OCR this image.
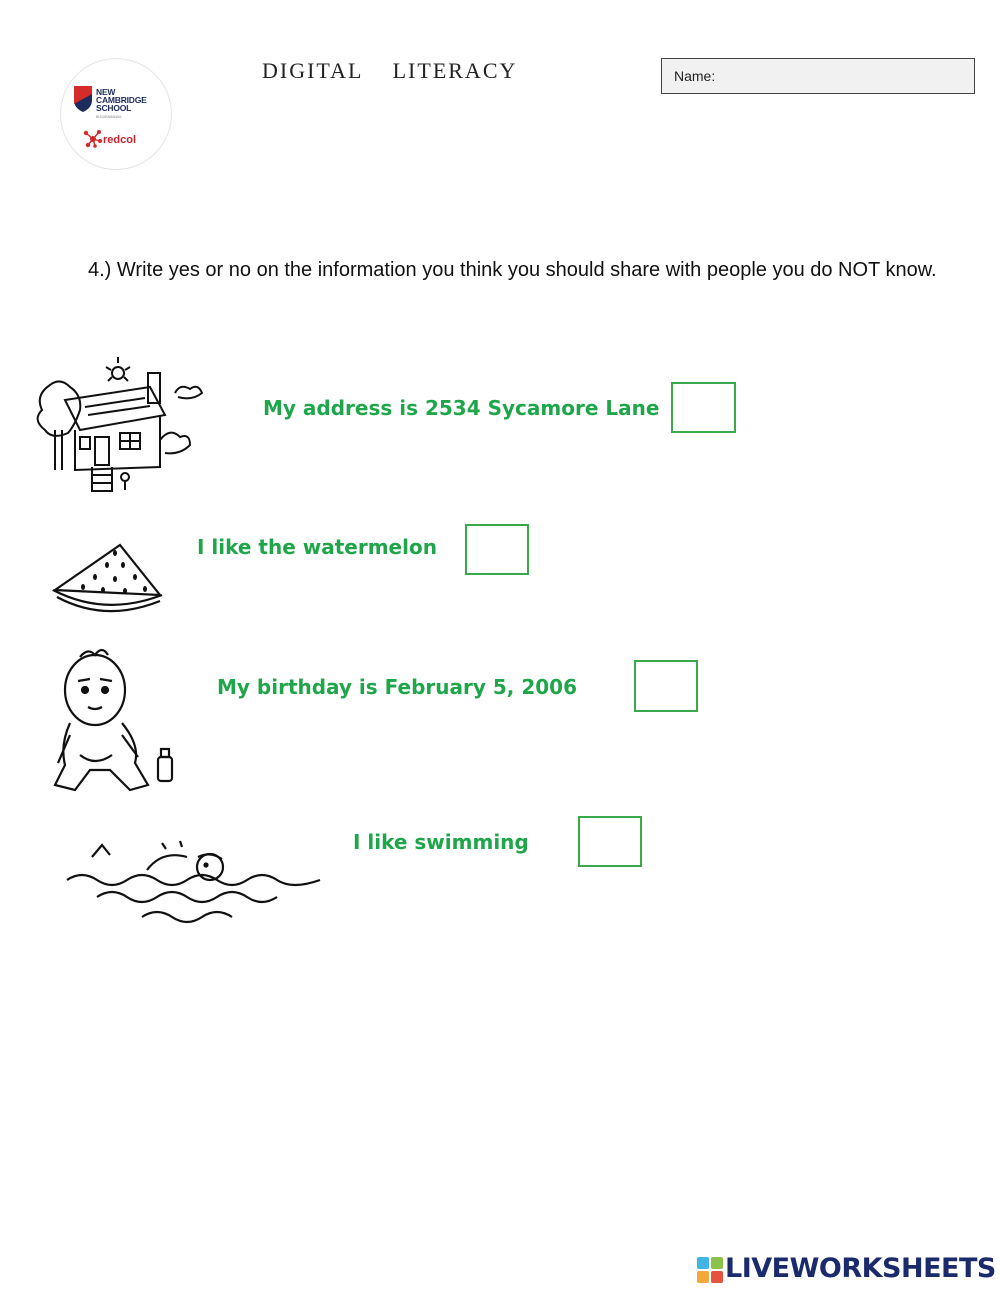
NEW
CAMBRIDGE
SCHOOL
BUCARAMANGA
redcol
DIGITAL    LITERACY	Name:
4.) Write yes or no on the information you think you should share with people you do NOT know.
My address is 2534 Sycamore Lane
I like the watermelon
My birthday is February 5, 2006
I like swimming
LIVEWORKSHEETS
